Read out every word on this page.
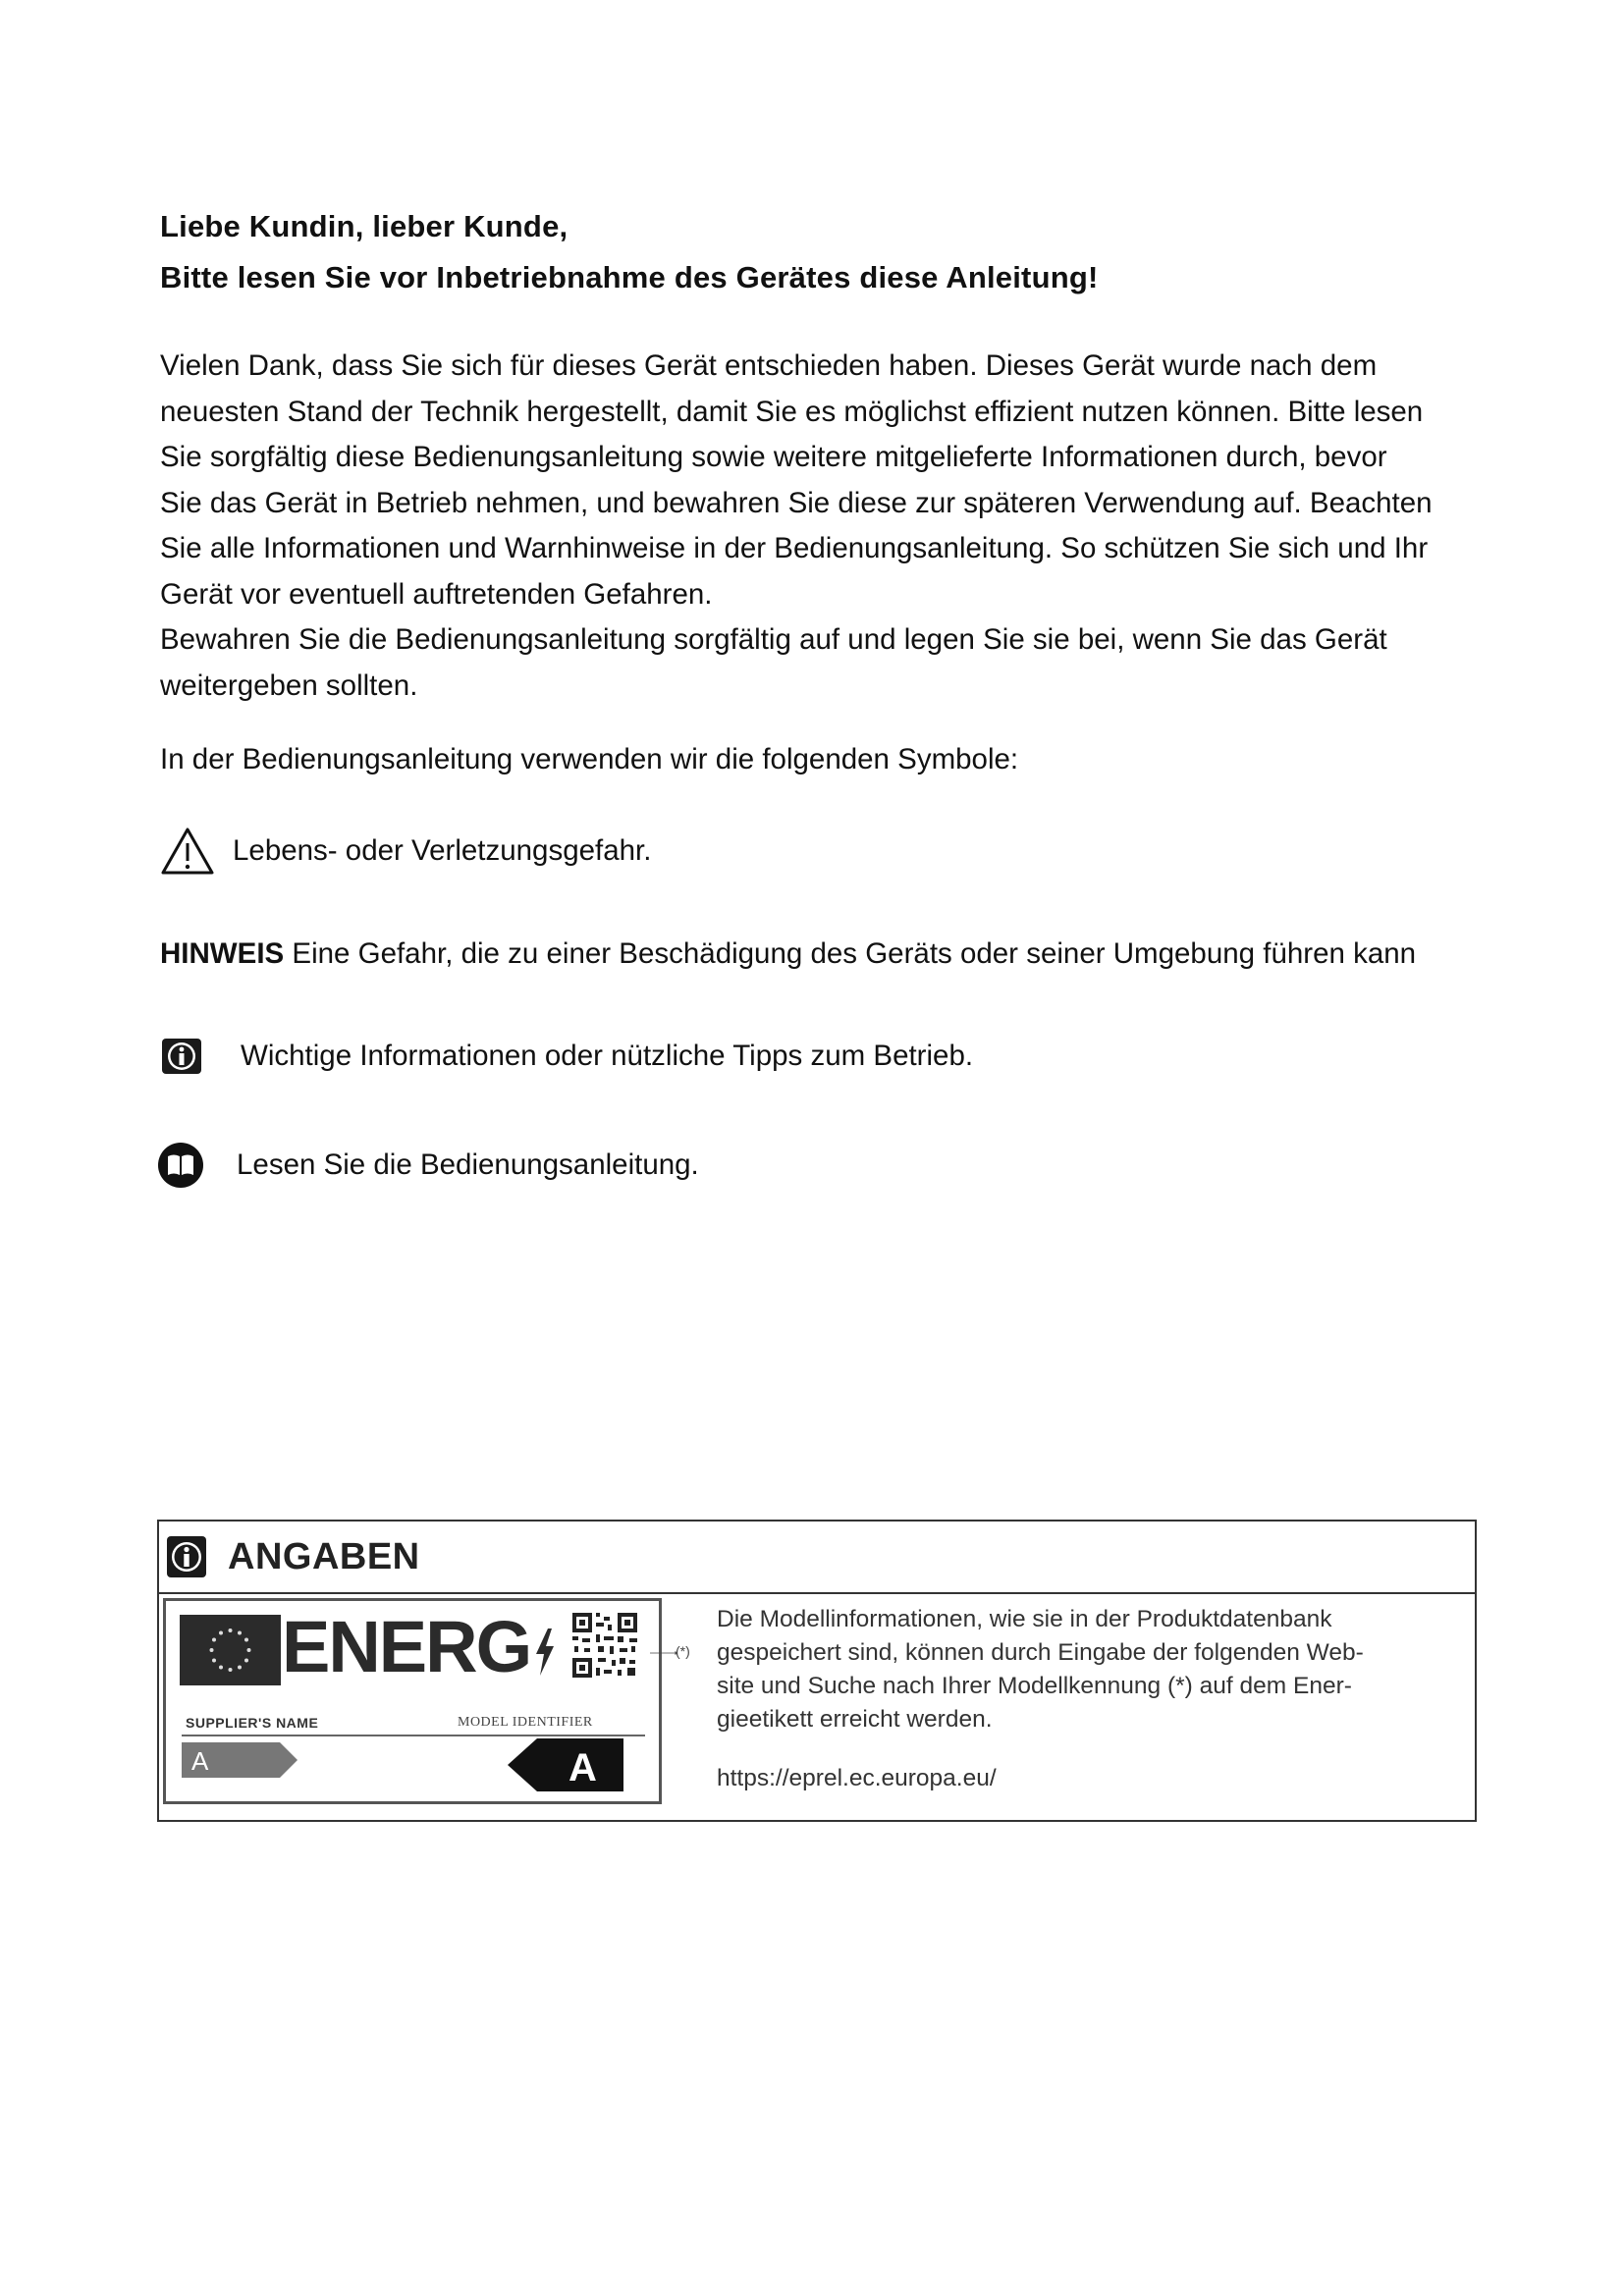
Liebe Kundin, lieber Kunde,
Bitte lesen Sie vor Inbetriebnahme des Gerätes diese Anleitung!

Vielen Dank, dass Sie sich für dieses Gerät entschieden haben. Dieses Gerät wurde nach dem

neuesten Stand der Technik hergestellt, damit Sie es möglichst effizient nutzen können. Bitte lesen

Sie sorgfältig diese Bedienungsanleitung sowie weitere mitgelieferte Informationen durch, bevor

Sie das Gerät in Betrieb nehmen, und bewahren Sie diese zur späteren Verwendung auf. Beachten

Sie alle Informationen und Warnhinweise in der Bedienungsanleitung. So schützen Sie sich und Ihr

Gerät vor eventuell auftretenden Gefahren.

Bewahren Sie die Bedienungsanleitung sorgfältig auf und legen Sie sie bei, wenn Sie das Gerät

weitergeben sollten.

In der Bedienungsanleitung verwenden wir die folgenden Symbole:
Lebens- oder Verletzungsgefahr.
HINWEIS Eine Gefahr, die zu einer Beschädigung des Geräts oder seiner Umgebung führen kann
Wichtige Informationen oder nützliche Tipps zum Betrieb.
Lesen Sie die Bedienungsanleitung.
ANGABEN
ENERG
SUPPLIER'S NAME	MODEL IDENTIFIER
A	A
(*)

Die Modellinformationen, wie sie in der Produktdatenbank

gespeichert sind, können durch Eingabe der folgenden Web-

site und Suche nach Ihrer Modellkennung (*) auf dem Ener-

gieetikett erreicht werden.

https://eprel.ec.europa.eu/
